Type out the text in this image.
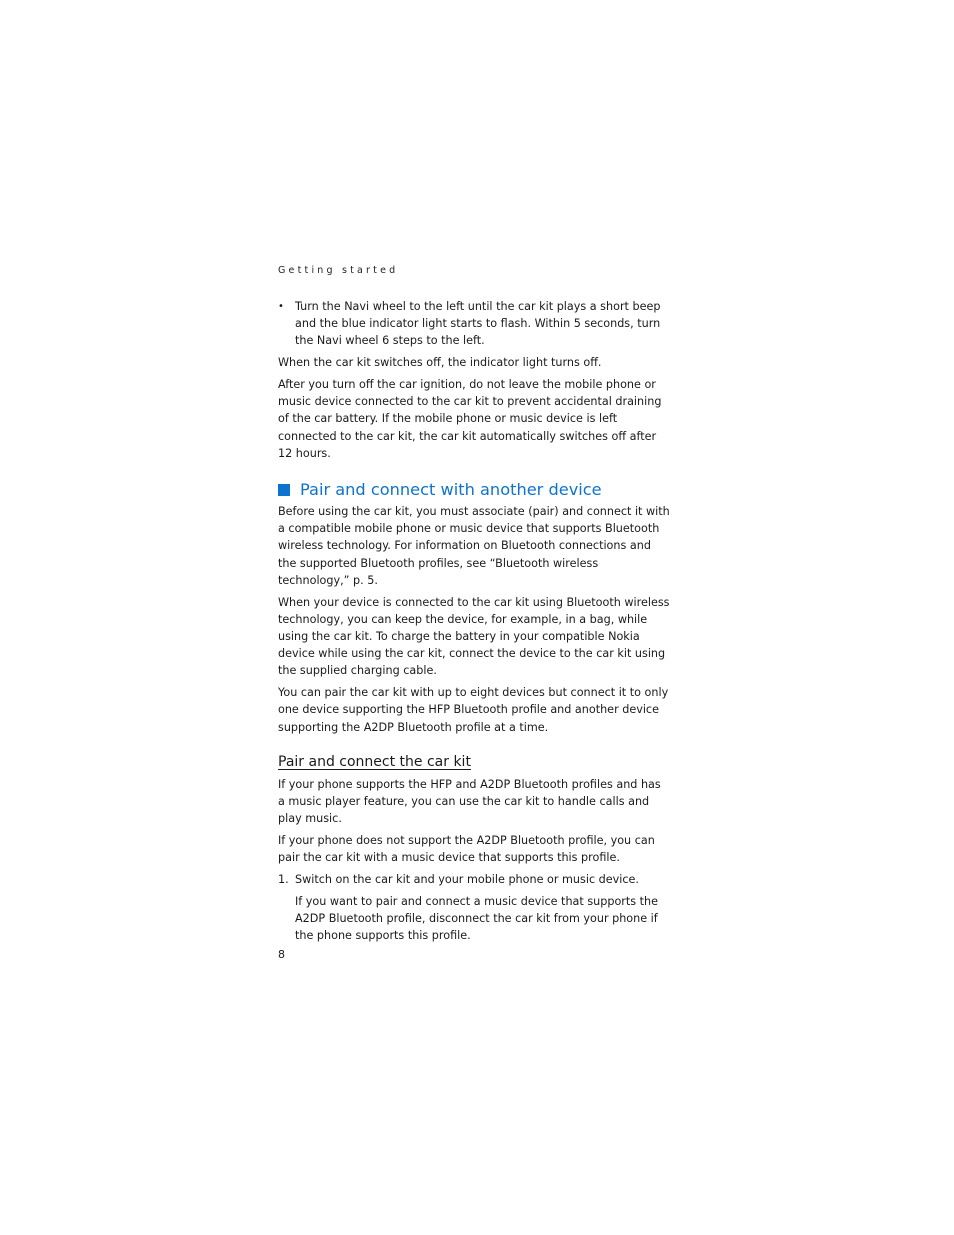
Getting started
• Turn the Navi wheel to the left until the car kit plays a short beep and the blue indicator light starts to flash. Within 5 seconds, turn the Navi wheel 6 steps to the left.

When the car kit switches off, the indicator light turns off.

After you turn off the car ignition, do not leave the mobile phone or music device connected to the car kit to prevent accidental draining of the car battery. If the mobile phone or music device is left connected to the car kit, the car kit automatically switches off after 12 hours.

Pair and connect with another device

Before using the car kit, you must associate (pair) and connect it with a compatible mobile phone or music device that supports Bluetooth wireless technology. For information on Bluetooth connections and the supported Bluetooth profiles, see “Bluetooth wireless technology,” p. 5.

When your device is connected to the car kit using Bluetooth wireless technology, you can keep the device, for example, in a bag, while using the car kit. To charge the battery in your compatible Nokia device while using the car kit, connect the device to the car kit using the supplied charging cable.

You can pair the car kit with up to eight devices but connect it to only one device supporting the HFP Bluetooth profile and another device supporting the A2DP Bluetooth profile at a time.

Pair and connect the car kit

If your phone supports the HFP and A2DP Bluetooth profiles and has a music player feature, you can use the car kit to handle calls and play music.

If your phone does not support the A2DP Bluetooth profile, you can pair the car kit with a music device that supports this profile.

1. Switch on the car kit and your mobile phone or music device.

If you want to pair and connect a music device that supports the A2DP Bluetooth profile, disconnect the car kit from your phone if the phone supports this profile.

8
